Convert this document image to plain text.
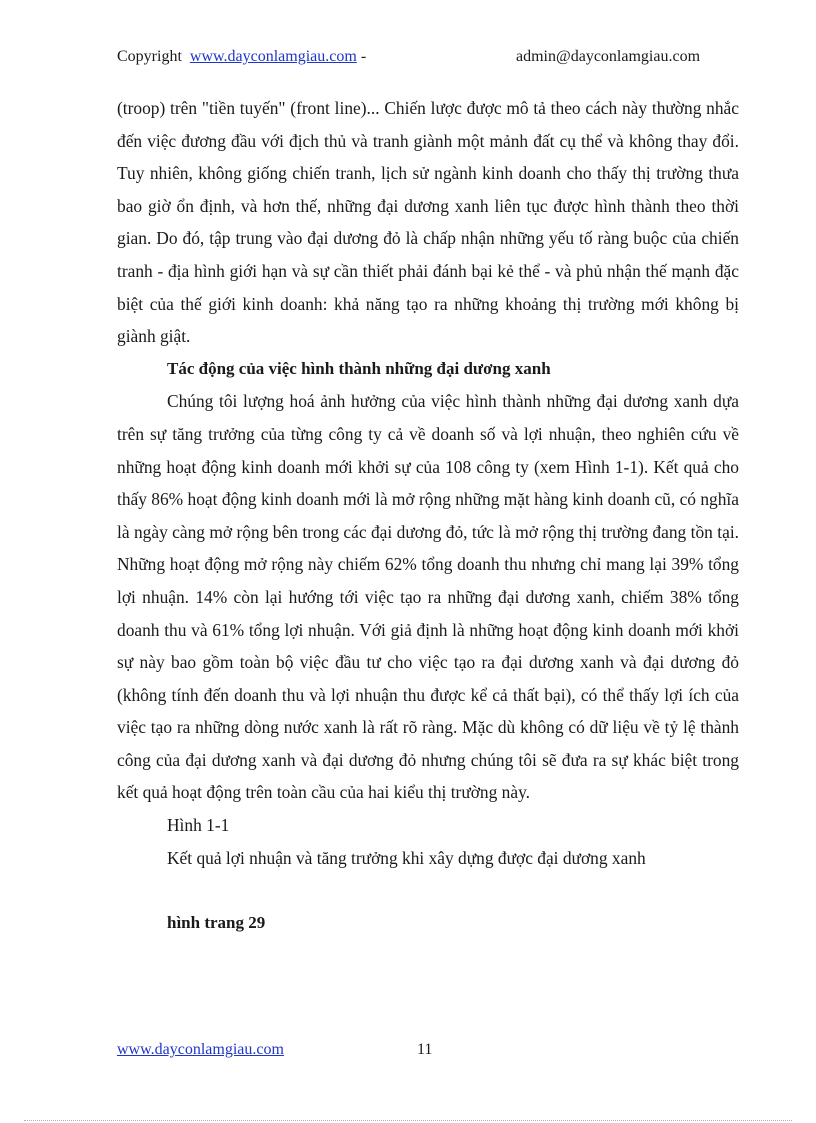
Copyright www.dayconlamgiau.com -	admin@dayconlamgiau.com

(troop) trên "tiền tuyến" (front line)... Chiến lược được mô tả theo cách này thường nhắc đến việc đương đầu với địch thủ và tranh giành một mảnh đất cụ thể và không thay đổi. Tuy nhiên, không giống chiến tranh, lịch sử ngành kinh doanh cho thấy thị trường thưa bao giờ ổn định, và hơn thế, những đại dương xanh liên tục được hình thành theo thời gian. Do đó, tập trung vào đại dương đỏ là chấp nhận những yếu tố ràng buộc của chiến tranh - địa hình giới hạn và sự cần thiết phải đánh bại kẻ thể - và phủ nhận thế mạnh đặc biệt của thế giới kinh doanh: khả năng tạo ra những khoảng thị trường mới không bị giành giật.

Tác động của việc hình thành những đại dương xanh

Chúng tôi lượng hoá ảnh hưởng của việc hình thành những đại dương xanh dựa trên sự tăng trưởng của từng công ty cả về doanh số và lợi nhuận, theo nghiên cứu về những hoạt động kinh doanh mới khởi sự của 108 công ty (xem Hình 1-1). Kết quả cho thấy 86% hoạt động kinh doanh mới là mở rộng những mặt hàng kinh doanh cũ, có nghĩa là ngày càng mở rộng bên trong các đại dương đỏ, tức là mở rộng thị trường đang tồn tại. Những hoạt động mở rộng này chiếm 62% tổng doanh thu nhưng chỉ mang lại 39% tổng lợi nhuận. 14% còn lại hướng tới việc tạo ra những đại dương xanh, chiếm 38% tổng doanh thu và 61% tổng lợi nhuận. Với giả định là những hoạt động kinh doanh mới khởi sự này bao gồm toàn bộ việc đầu tư cho việc tạo ra đại dương xanh và đại dương đỏ (không tính đến doanh thu và lợi nhuận thu được kể cả thất bại), có thể thấy lợi ích của việc tạo ra những dòng nước xanh là rất rõ ràng. Mặc dù không có dữ liệu về tỷ lệ thành công của đại dương xanh và đại dương đỏ nhưng chúng tôi sẽ đưa ra sự khác biệt trong kết quả hoạt động trên toàn cầu của hai kiểu thị trường này.

Hình 1-1

Kết quả lợi nhuận và tăng trưởng khi xây dựng được đại dương xanh

hình trang 29

www.dayconlamgiau.com	11
